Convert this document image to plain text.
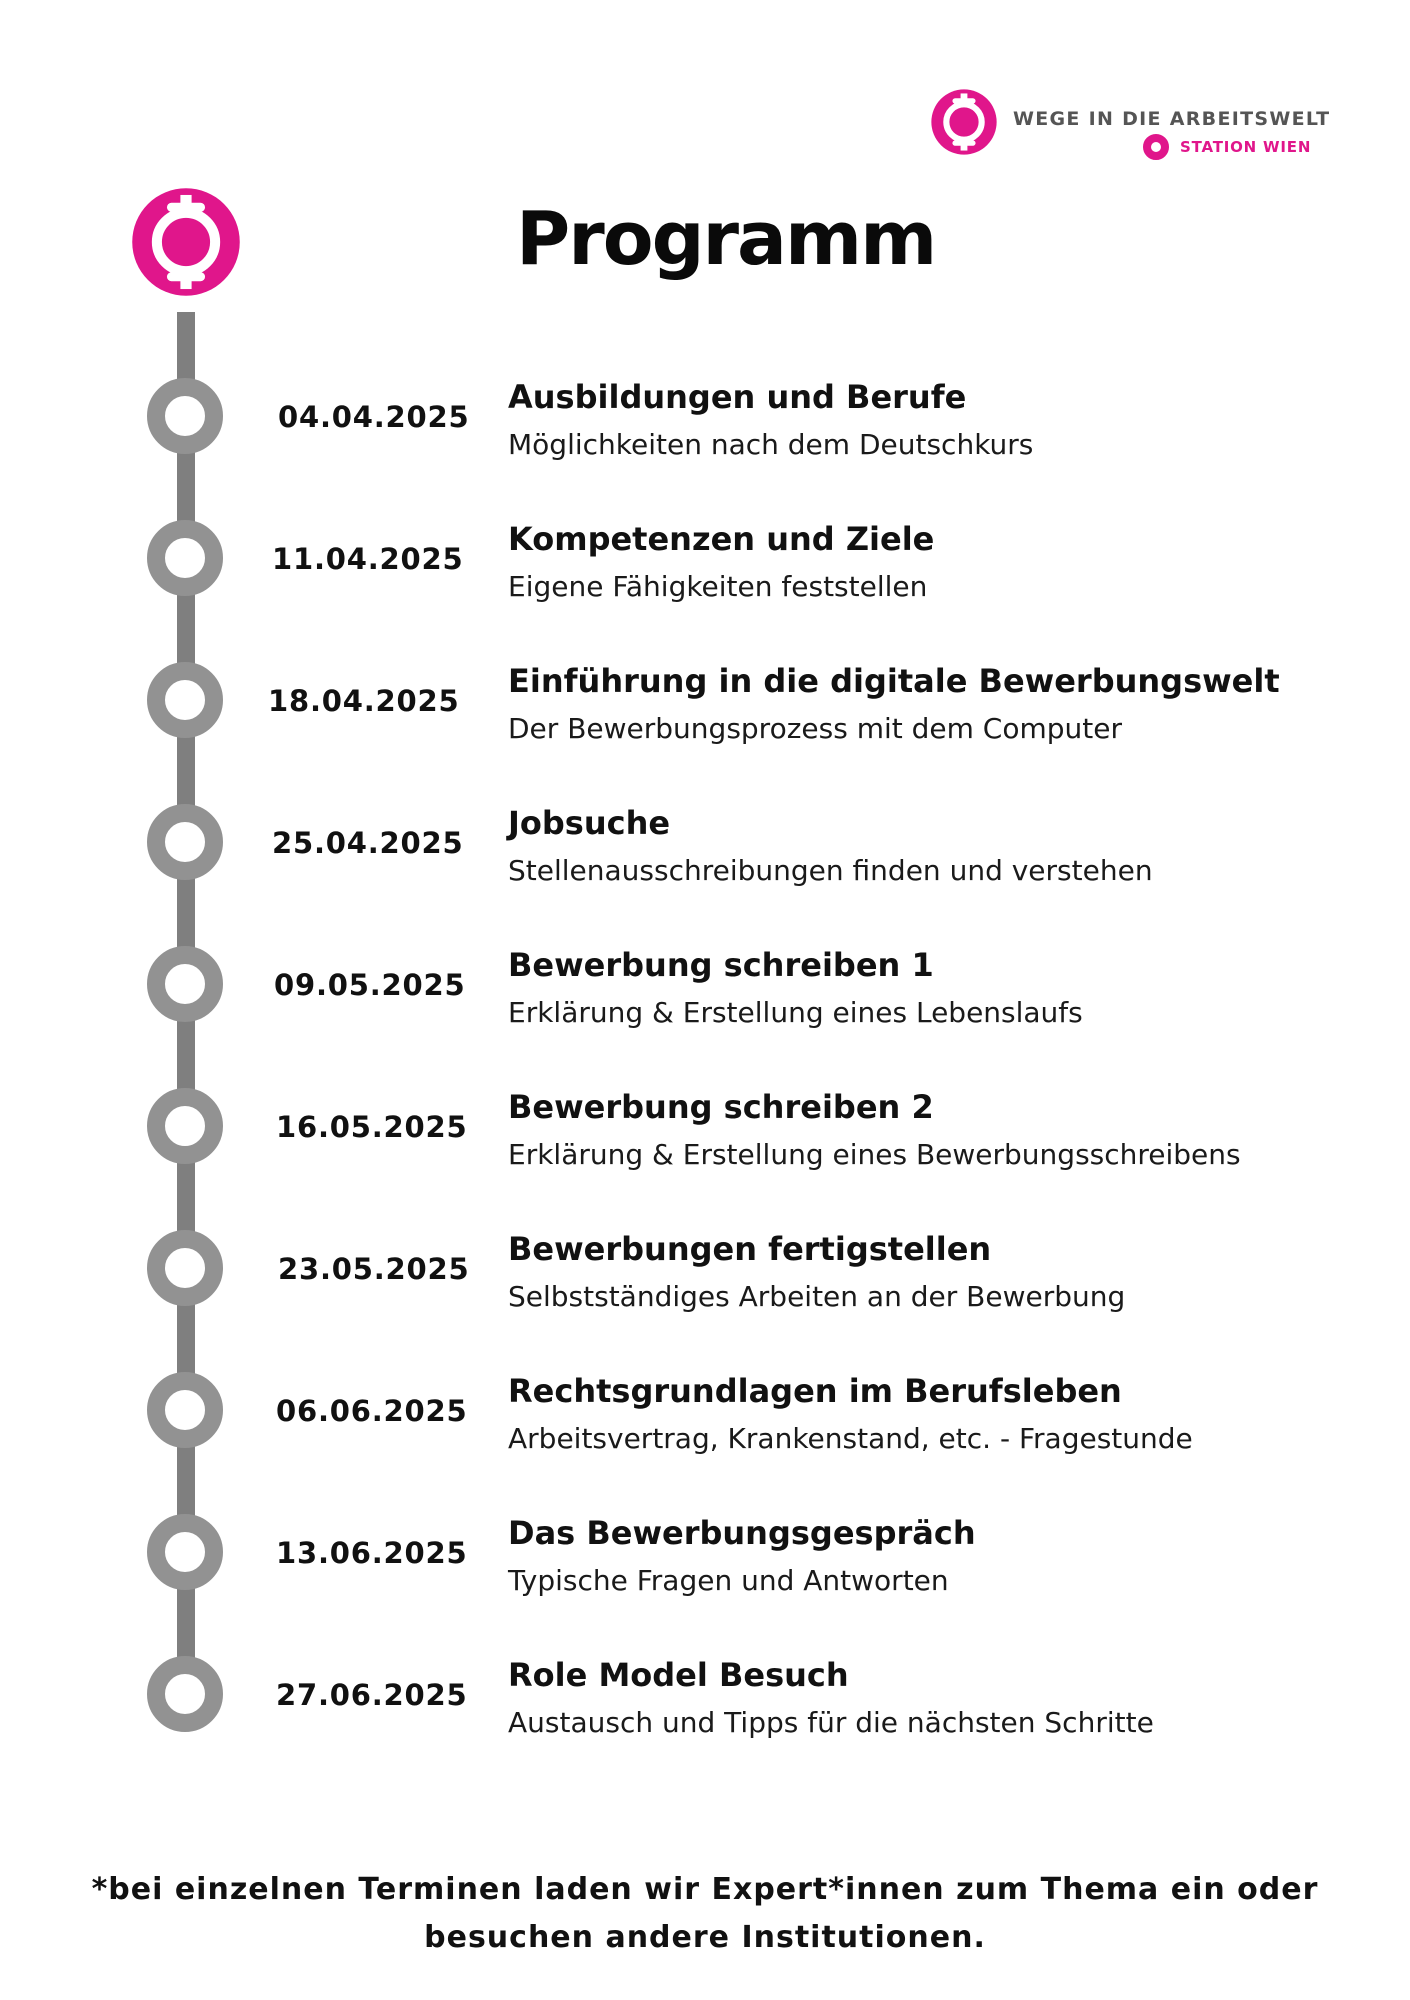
WEGE IN DIE ARBEITSWELT
STATION WIEN
Programm
04.04.2025
Ausbildungen und Berufe
Möglichkeiten nach dem Deutschkurs
11.04.2025
Kompetenzen und Ziele
Eigene Fähigkeiten feststellen
18.04.2025
Einführung in die digitale Bewerbungswelt
Der Bewerbungsprozess mit dem Computer
25.04.2025
Jobsuche
Stellenausschreibungen finden und verstehen
09.05.2025
Bewerbung schreiben 1
Erklärung & Erstellung eines Lebenslaufs
16.05.2025
Bewerbung schreiben 2
Erklärung & Erstellung eines Bewerbungsschreibens
23.05.2025
Bewerbungen fertigstellen
Selbstständiges Arbeiten an der Bewerbung
06.06.2025
Rechtsgrundlagen im Berufsleben
Arbeitsvertrag, Krankenstand, etc. - Fragestunde
13.06.2025
Das Bewerbungsgespräch
Typische Fragen und Antworten
27.06.2025
Role Model Besuch
Austausch und Tipps für die nächsten Schritte
*bei einzelnen Terminen laden wir Expert*innen zum Thema ein oder
besuchen andere Institutionen.
